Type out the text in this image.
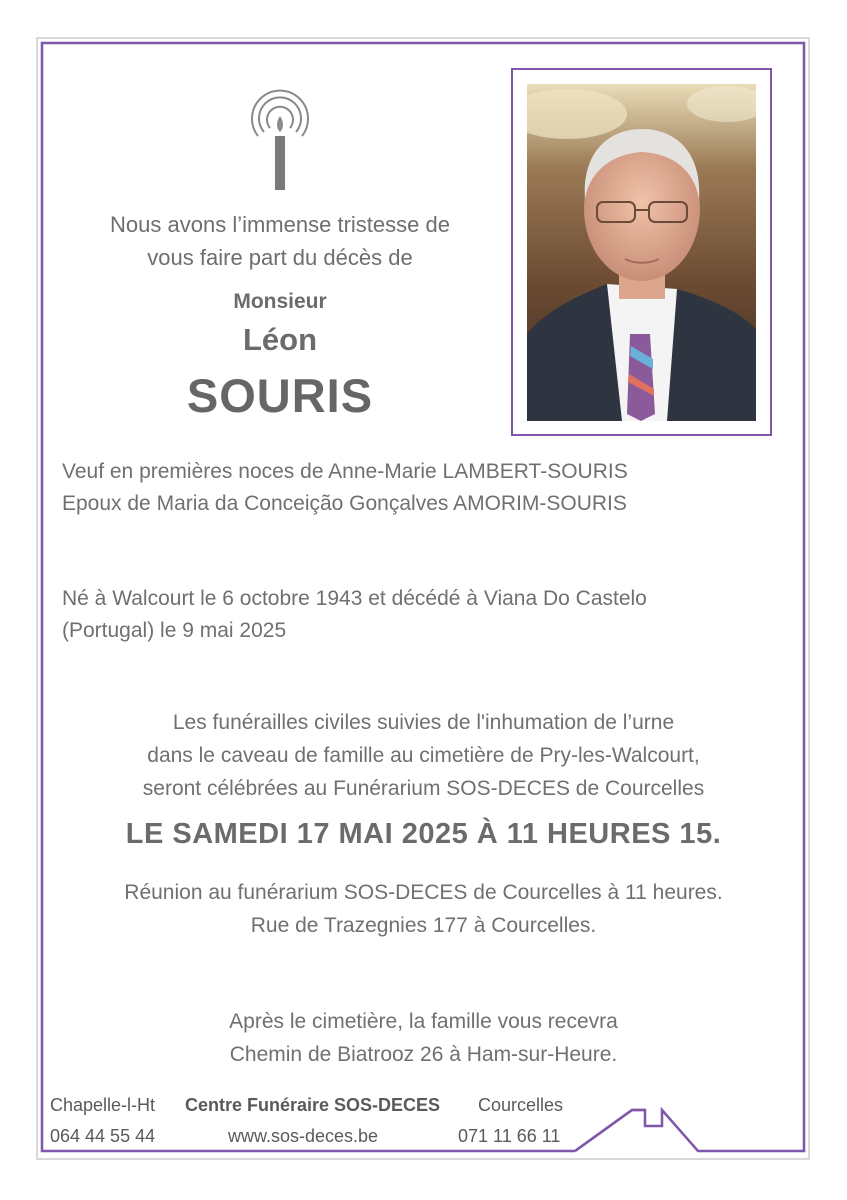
Nous avons l’immense tristesse de
vous faire part du décès de
Monsieur
Léon
SOURIS
Veuf en premières noces de Anne-Marie LAMBERT-SOURIS
Epoux de Maria da Conceição Gonçalves AMORIM-SOURIS
Né à Walcourt le 6 octobre 1943 et décédé à Viana Do Castelo
(Portugal) le 9 mai 2025
Les funérailles civiles suivies de l'inhumation de l’urne
dans le caveau de famille au cimetière de Pry-les-Walcourt,
seront célébrées au Funérarium SOS-DECES de Courcelles
LE SAMEDI 17 MAI 2025 À 11 HEURES 15.
Réunion au funérarium SOS-DECES de Courcelles à 11 heures.
Rue de Trazegnies 177 à Courcelles.
Après le cimetière, la famille vous recevra
Chemin de Biatrooz 26 à Ham-sur-Heure.
Chapelle-l-Ht
064 44 55 44
Centre Funéraire SOS-DECES
www.sos-deces.be
Courcelles
071 11 66 11
